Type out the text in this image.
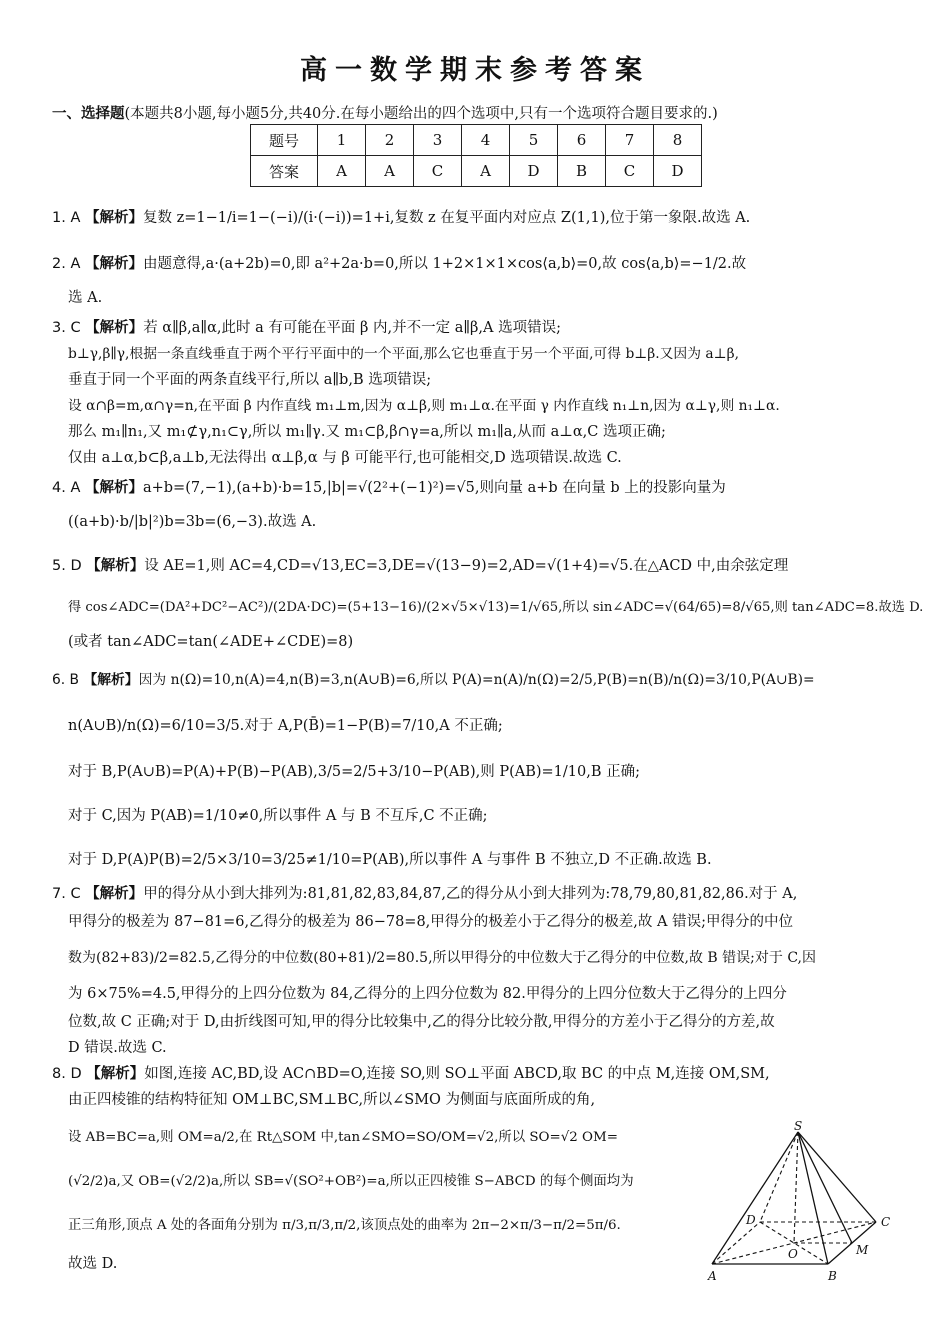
高一数学期末参考答案
一、选择题(本题共8小题,每小题5分,共40分.在每小题给出的四个选项中,只有一个选项符合题目要求的.)
题号	1	2	3	4	5	6	7	8
答案	A	A	C	A	D	B	C	D
1. A 【解析】复数 z=1−1/i=1−(−i)/(i·(−i))=1+i,复数 z 在复平面内对应点 Z(1,1),位于第一象限.故选 A.
2. A 【解析】由题意得,a·(a+2b)=0,即 a²+2a·b=0,所以 1+2×1×1×cos⟨a,b⟩=0,故 cos⟨a,b⟩=−1/2.故
选 A.
3. C 【解析】若 α∥β,a∥α,此时 a 有可能在平面 β 内,并不一定 a∥β,A 选项错误;
b⊥γ,β∥γ,根据一条直线垂直于两个平行平面中的一个平面,那么它也垂直于另一个平面,可得 b⊥β.又因为 a⊥β,
垂直于同一个平面的两条直线平行,所以 a∥b,B 选项错误;
设 α∩β=m,α∩γ=n,在平面 β 内作直线 m₁⊥m,因为 α⊥β,则 m₁⊥α.在平面 γ 内作直线 n₁⊥n,因为 α⊥γ,则 n₁⊥α.
那么 m₁∥n₁,又 m₁⊄γ,n₁⊂γ,所以 m₁∥γ.又 m₁⊂β,β∩γ=a,所以 m₁∥a,从而 a⊥α,C 选项正确;
仅由 a⊥α,b⊂β,a⊥b,无法得出 α⊥β,α 与 β 可能平行,也可能相交,D 选项错误.故选 C.
4. A 【解析】a+b=(7,−1),(a+b)·b=15,|b|=√(2²+(−1)²)=√5,则向量 a+b 在向量 b 上的投影向量为
((a+b)·b/|b|²)b=3b=(6,−3).故选 A.
5. D 【解析】设 AE=1,则 AC=4,CD=√13,EC=3,DE=√(13−9)=2,AD=√(1+4)=√5.在△ACD 中,由余弦定理
得 cos∠ADC=(DA²+DC²−AC²)/(2DA·DC)=(5+13−16)/(2×√5×√13)=1/√65,所以 sin∠ADC=√(64/65)=8/√65,则 tan∠ADC=8.故选 D.
(或者 tan∠ADC=tan(∠ADE+∠CDE)=8)
6. B 【解析】因为 n(Ω)=10,n(A)=4,n(B)=3,n(A∪B)=6,所以 P(A)=n(A)/n(Ω)=2/5,P(B)=n(B)/n(Ω)=3/10,P(A∪B)=
n(A∪B)/n(Ω)=6/10=3/5.对于 A,P(B̄)=1−P(B)=7/10,A 不正确;
对于 B,P(A∪B)=P(A)+P(B)−P(AB),3/5=2/5+3/10−P(AB),则 P(AB)=1/10,B 正确;
对于 C,因为 P(AB)=1/10≠0,所以事件 A 与 B 不互斥,C 不正确;
对于 D,P(A)P(B)=2/5×3/10=3/25≠1/10=P(AB),所以事件 A 与事件 B 不独立,D 不正确.故选 B.
7. C 【解析】甲的得分从小到大排列为:81,81,82,83,84,87,乙的得分从小到大排列为:78,79,80,81,82,86.对于 A,
甲得分的极差为 87−81=6,乙得分的极差为 86−78=8,甲得分的极差小于乙得分的极差,故 A 错误;甲得分的中位
数为(82+83)/2=82.5,乙得分的中位数(80+81)/2=80.5,所以甲得分的中位数大于乙得分的中位数,故 B 错误;对于 C,因
为 6×75%=4.5,甲得分的上四分位数为 84,乙得分的上四分位数为 82.甲得分的上四分位数大于乙得分的上四分
位数,故 C 正确;对于 D,由折线图可知,甲的得分比较集中,乙的得分比较分散,甲得分的方差小于乙得分的方差,故
D 错误.故选 C.
8. D 【解析】如图,连接 AC,BD,设 AC∩BD=O,连接 SO,则 SO⊥平面 ABCD,取 BC 的中点 M,连接 OM,SM,
由正四棱锥的结构特征知 OM⊥BC,SM⊥BC,所以∠SMO 为侧面与底面所成的角,
设 AB=BC=a,则 OM=a/2,在 Rt△SOM 中,tan∠SMO=SO/OM=√2,所以 SO=√2 OM=
(√2/2)a,又 OB=(√2/2)a,所以 SB=√(SO²+OB²)=a,所以正四棱锥 S−ABCD 的每个侧面均为
正三角形,顶点 A 处的各面角分别为 π/3,π/3,π/2,该顶点处的曲率为 2π−2×π/3−π/2=5π/6.
故选 D.
S
A	B
C
D
O	M
